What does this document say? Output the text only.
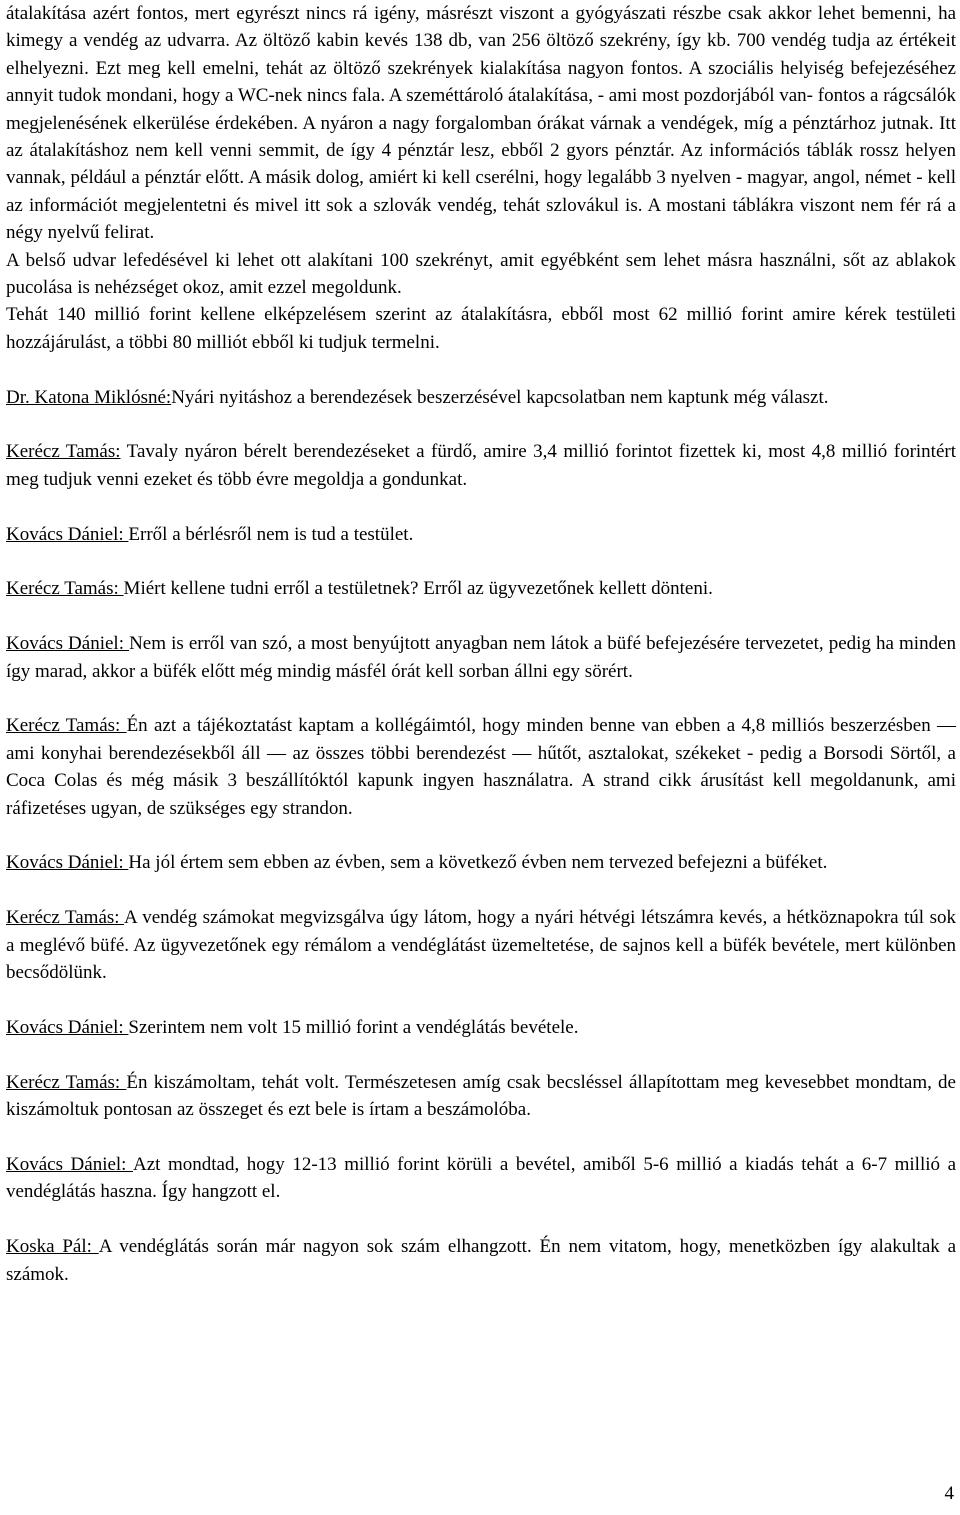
átalakítása azért fontos, mert egyrészt nincs rá igény, másrészt viszont a gyógyászati részbe csak akkor lehet bemenni, ha kimegy a vendég az udvarra. Az öltöző kabin kevés 138 db, van 256 öltöző szekrény, így kb. 700 vendég tudja az értékeit elhelyezni. Ezt meg kell emelni, tehát az öltöző szekrények kialakítása nagyon fontos. A szociális helyiség befejezéséhez annyit tudok mondani, hogy a WC-nek nincs fala. A szeméttároló átalakítása, - ami most pozdorjából van- fontos a rágcsálók megjelenésének elkerülése érdekében. A nyáron a nagy forgalomban órákat várnak a vendégek, míg a pénztárhoz jutnak. Itt az átalakításhoz nem kell venni semmit, de így 4 pénztár lesz, ebből 2 gyors pénztár. Az információs táblák rossz helyen vannak, például a pénztár előtt. A másik dolog, amiért ki kell cserélni, hogy legalább 3 nyelven - magyar, angol, német - kell az információt megjelentetni és mivel itt sok a szlovák vendég, tehát szlovákul is. A mostani táblákra viszont nem fér rá a négy nyelvű felirat.

A belső udvar lefedésével ki lehet ott alakítani 100 szekrényt, amit egyébként sem lehet másra használni, sőt az ablakok pucolása is nehézséget okoz, amit ezzel megoldunk.

Tehát 140 millió forint kellene elképzelésem szerint az átalakításra, ebből most 62 millió forint amire kérek testületi hozzájárulást, a többi 80 milliót ebből ki tudjuk termelni.

Dr. Katona Miklósné:Nyári nyitáshoz a berendezések beszerzésével kapcsolatban nem kaptunk még választ.

Kerécz Tamás: Tavaly nyáron bérelt berendezéseket a fürdő, amire 3,4 millió forintot fizettek ki, most 4,8 millió forintért meg tudjuk venni ezeket és több évre megoldja a gondunkat.

Kovács Dániel: Erről a bérlésről nem is tud a testület.

Kerécz Tamás: Miért kellene tudni erről a testületnek? Erről az ügyvezetőnek kellett dönteni.

Kovács Dániel: Nem is erről van szó, a most benyújtott anyagban nem látok a büfé befejezésére tervezetet, pedig ha minden így marad, akkor a büfék előtt még mindig másfél órát kell sorban állni egy sörért.

Kerécz Tamás: Én azt a tájékoztatást kaptam a kollégáimtól, hogy minden benne van ebben a 4,8 milliós beszerzésben — ami konyhai berendezésekből áll — az összes többi berendezést — hűtőt, asztalokat, székeket - pedig a Borsodi Sörtől, a Coca Colas és még másik 3 beszállítóktól kapunk ingyen használatra. A strand cikk árusítást kell megoldanunk, ami ráfizetéses ugyan, de szükséges egy strandon.

Kovács Dániel: Ha jól értem sem ebben az évben, sem a következő évben nem tervezed befejezni a büféket.

Kerécz Tamás: A vendég számokat megvizsgálva úgy látom, hogy a nyári hétvégi létszámra kevés, a hétköznapokra túl sok a meglévő büfé. Az ügyvezetőnek egy rémálom a vendéglátást üzemeltetése, de sajnos kell a büfék bevétele, mert különben becsődölünk.

Kovács Dániel: Szerintem nem volt 15 millió forint a vendéglátás bevétele.

Kerécz Tamás: Én kiszámoltam, tehát volt. Természetesen amíg csak becsléssel állapítottam meg kevesebbet mondtam, de kiszámoltuk pontosan az összeget és ezt bele is írtam a beszámolóba.

Kovács Dániel: Azt mondtad, hogy 12-13 millió forint körüli a bevétel, amiből 5-6 millió a kiadás tehát a 6-7 millió a vendéglátás haszna. Így hangzott el.

Koska Pál: A vendéglátás során már nagyon sok szám elhangzott. Én nem vitatom, hogy, menetközben így alakultak a számok.

4
